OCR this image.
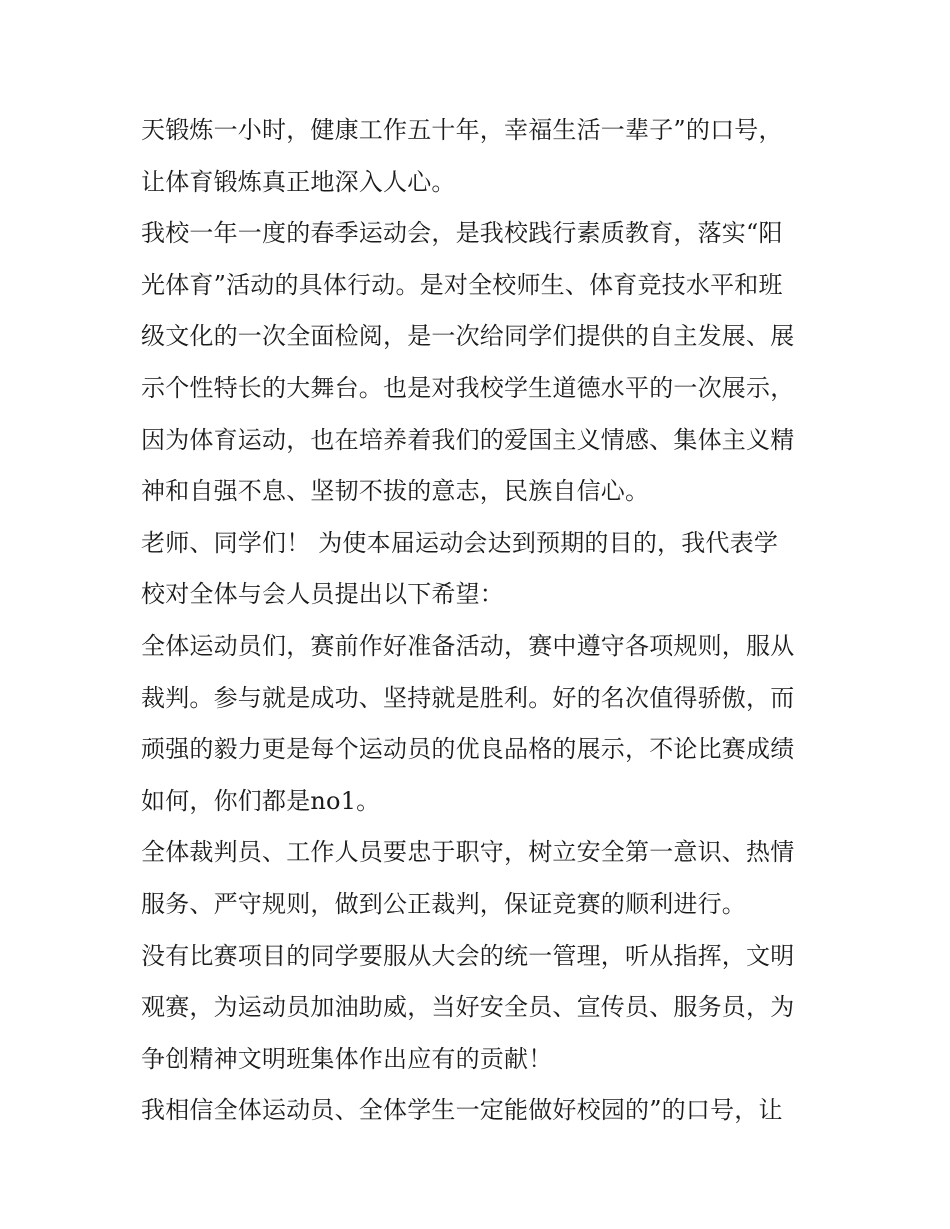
天锻炼一小时，健康工作五十年，幸福生活一辈子”的口号，
让体育锻炼真正地深入人心。
我校一年一度的春季运动会，是我校践行素质教育，落实“阳
光体育”活动的具体行动。是对全校师生、体育竞技水平和班
级文化的一次全面检阅，是一次给同学们提供的自主发展、展
示个性特长的大舞台。也是对我校学生道德水平的一次展示，
因为体育运动，也在培养着我们的爱国主义情感、集体主义精
神和自强不息、坚韧不拔的意志，民族自信心。
老师、同学们！ 为使本届运动会达到预期的目的，我代表学
校对全体与会人员提出以下希望：
全体运动员们，赛前作好准备活动，赛中遵守各项规则，服从
裁判。参与就是成功、坚持就是胜利。好的名次值得骄傲，而
顽强的毅力更是每个运动员的优良品格的展示，不论比赛成绩
如何，你们都是no1。
全体裁判员、工作人员要忠于职守，树立安全第一意识、热情
服务、严守规则，做到公正裁判，保证竞赛的顺利进行。
没有比赛项目的同学要服从大会的统一管理，听从指挥，文明
观赛，为运动员加油助威，当好安全员、宣传员、服务员，为
争创精神文明班集体作出应有的贡献！
我相信全体运动员、全体学生一定能做好校园的”的口号，让
